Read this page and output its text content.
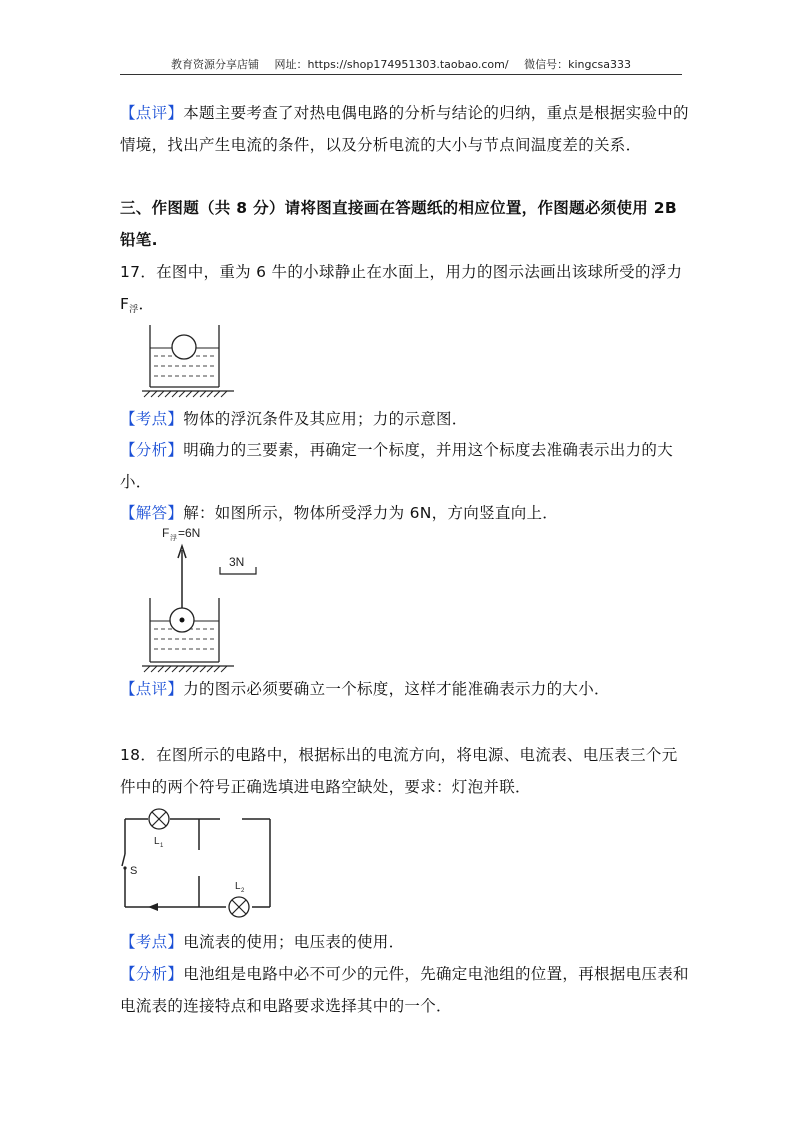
教育资源分享店铺 网址：https://shop174951303.taobao.com/ 微信号：kingcsa333
【点评】本题主要考查了对热电偶电路的分析与结论的归纳，重点是根据实验中的情境，找出产生电流的条件，以及分析电流的大小与节点间温度差的关系．
三、作图题（共 8 分）请将图直接画在答题纸的相应位置，作图题必须使用 2B 铅笔.
17．在图中，重为 6 牛的小球静止在水面上，用力的图示法画出该球所受的浮力 $F_浮$．
【考点】物体的浮沉条件及其应用；力的示意图．
【分析】明确力的三要素，再确定一个标度，并用这个标度去准确表示出力的大小．
【解答】解：如图所示，物体所受浮力为 6N，方向竖直向上．
F 浮 =6N
3N
【点评】力的图示必须要确立一个标度，这样才能准确表示力的大小．
18．在图所示的电路中，根据标出的电流方向，将电源、电流表、电压表三个元件中的两个符号正确选填进电路空缺处，要求：灯泡并联．
S
L 1
L 2
【考点】电流表的使用；电压表的使用．
【分析】电池组是电路中必不可少的元件，先确定电池组的位置，再根据电压表和电流表的连接特点和电路要求选择其中的一个．
